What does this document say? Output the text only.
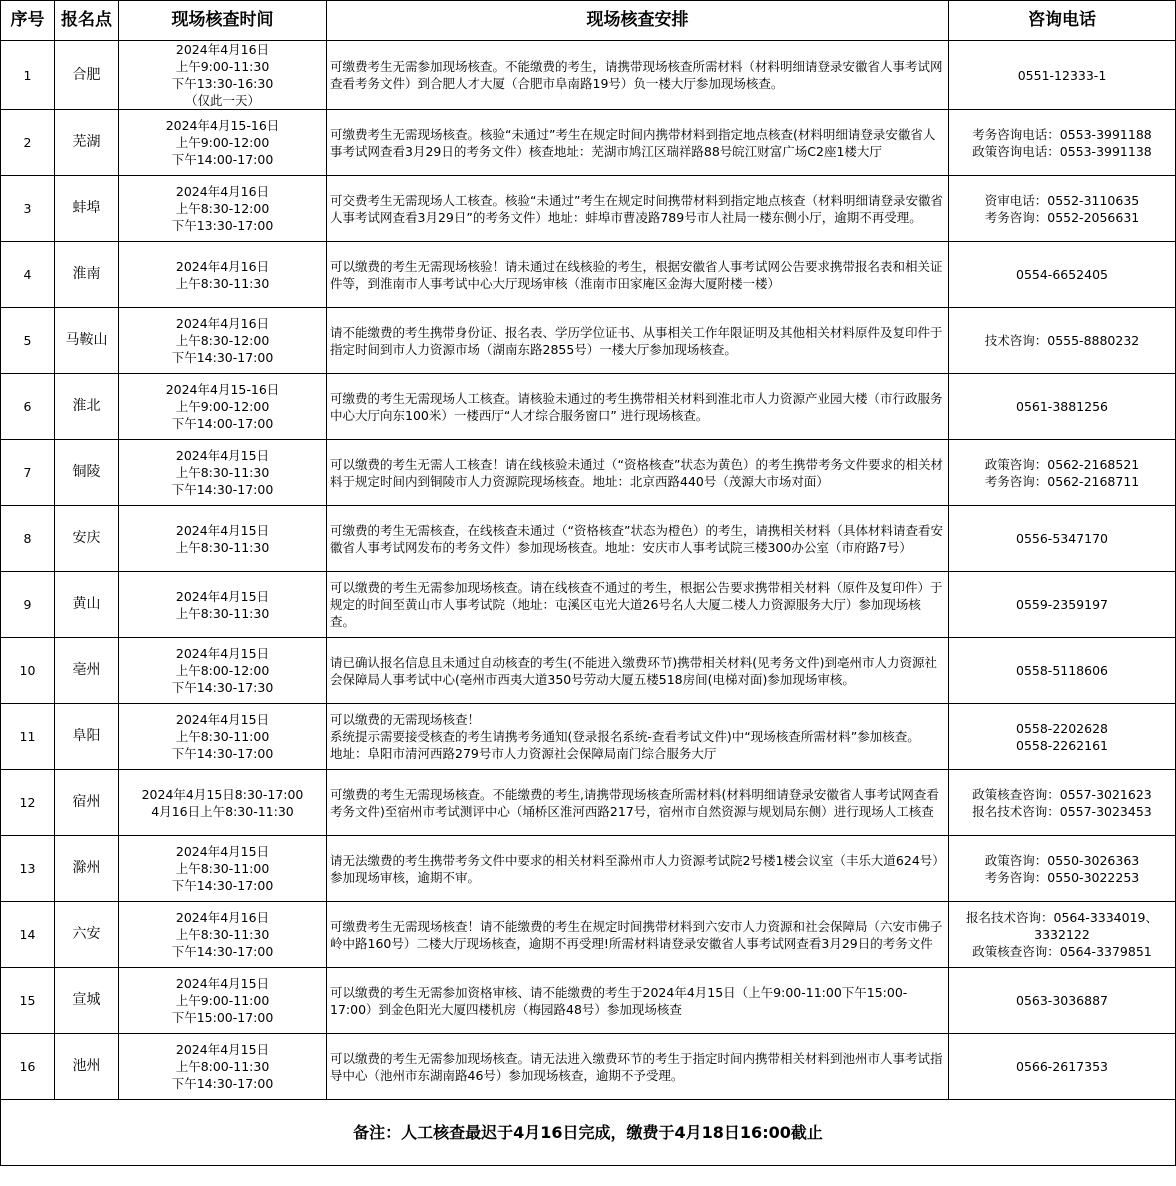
序号	报名点	现场核查时间	现场核查安排	咨询电话
1	合肥	2024年4月16日
上午9:00-11:30
下午13:30-16:30
（仅此一天）	可缴费考生无需参加现场核查。不能缴费的考生，请携带现场核查所需材料（材料明细请登录安徽省人事考试网查看考务文件）到合肥人才大厦（合肥市阜南路19号）负一楼大厅参加现场核查。	0551-12333-1

2	芜湖	2024年4月15-16日
上午9:00-12:00
下午14:00-17:00	可缴费考生无需现场核查。核验“未通过”考生在规定时间内携带材料到指定地点核查(材料明细请登录安徽省人事考试网查看3月29日的考务文件）核查地址：芜湖市鸠江区瑞祥路88号皖江财富广场C2座1楼大厅	考务咨询电话：0553-3991188
政策咨询电话：0553-3991138

3	蚌埠	2024年4月16日
上午8:30-12:00
下午13:30-17:00	可交费考生无需现场人工核查。核验“未通过”考生在规定时间携带材料到指定地点核查（材料明细请登录安徽省人事考试网查看3月29日”的考务文件）地址：蚌埠市曹凌路789号市人社局一楼东侧小厅，逾期不再受理。	资审电话：0552-3110635
考务咨询：0552-2056631

4	淮南	2024年4月16日
上午8:30-11:30	可以缴费的考生无需现场核验！请未通过在线核验的考生，根据安徽省人事考试网公告要求携带报名表和相关证件等，到淮南市人事考试中心大厅现场审核（淮南市田家庵区金海大厦附楼一楼）	0554-6652405

5	马鞍山	2024年4月16日
上午8:30-12:00
下午14:30-17:00	请不能缴费的考生携带身份证、报名表、学历学位证书、从事相关工作年限证明及其他相关材料原件及复印件于指定时间到市人力资源市场（湖南东路2855号）一楼大厅参加现场核查。	技术咨询：0555-8880232

6	淮北	2024年4月15-16日
上午9:00-12:00
下午14:00-17:00	可缴费的考生无需现场人工核查。请核验未通过的考生携带相关材料到淮北市人力资源产业园大楼（市行政服务中心大厅向东100米）一楼西厅“人才综合服务窗口” 进行现场核查。	0561-3881256

7	铜陵	2024年4月15日
上午8:30-11:30
下午14:30-17:00	可以缴费的考生无需人工核查！请在线核验未通过（“资格核查”状态为黄色）的考生携带考务文件要求的相关材料于规定时间内到铜陵市人力资源院现场核查。地址：北京西路440号（茂源大市场对面）	政策咨询：0562-2168521
考务咨询：0562-2168711

8	安庆	2024年4月15日
上午8:30-11:30	可缴费的考生无需核查，在线核查未通过（“资格核查”状态为橙色）的考生，请携相关材料（具体材料请查看安徽省人事考试网发布的考务文件）参加现场核查。地址：安庆市人事考试院三楼300办公室（市府路7号）	0556-5347170

9	黄山	2024年4月15日
上午8:30-11:30	可以缴费的考生无需参加现场核查。请在线核查不通过的考生，根据公告要求携带相关材料（原件及复印件）于规定的时间至黄山市人事考试院（地址：屯溪区屯光大道26号名人大厦二楼人力资源服务大厅）参加现场核查。	0559-2359197

10	亳州	2024年4月15日
上午8:00-12:00
下午14:30-17:30	请已确认报名信息且未通过自动核查的考生(不能进入缴费环节)携带相关材料(见考务文件)到亳州市人力资源社会保障局人事考试中心(亳州市西夷大道350号劳动大厦五楼518房间(电梯对面)参加现场审核。	0558-5118606

11	阜阳	2024年4月15日
上午8:30-11:00
下午14:30-17:00	可以缴费的无需现场核查！
系统提示需要接受核查的考生请携考务通知(登录报名系统-查看考试文件)中“现场核查所需材料”参加核查。
地址：阜阳市清河西路279号市人力资源社会保障局南门综合服务大厅	0558-2202628
0558-2262161

12	宿州	2024年4月15日8:30-17:00
4月16日上午8:30-11:30	可缴费的考生无需现场核查。不能缴费的考生,请携带现场核查所需材料(材料明细请登录安徽省人事考试网查看考务文件)至宿州市考试测评中心（埇桥区淮河西路217号，宿州市自然资源与规划局东侧）进行现场人工核查	政策核查咨询：0557-3021623
报名技术咨询：0557-3023453

13	滁州	2024年4月15日
上午8:30-11:00
下午14:30-17:00	请无法缴费的考生携带考务文件中要求的相关材料至滁州市人力资源考试院2号楼1楼会议室（丰乐大道624号）参加现场审核，逾期不审。	政策咨询：0550-3026363
考务咨询：0550-3022253

14	六安	2024年4月16日
上午8:30-11:30
下午14:30-17:00	可缴费考生无需现场核查！请不能缴费的考生在规定时间携带材料到六安市人力资源和社会保障局（六安市佛子岭中路160号）二楼大厅现场核查，逾期不再受理!所需材料请登录安徽省人事考试网查看3月29日的考务文件	报名技术咨询：0564-3334019、
3332122
政策核查咨询：0564-3379851

15	宣城	2024年4月15日
上午9:00-11:00
下午15:00-17:00	可以缴费的考生无需参加资格审核、请不能缴费的考生于2024年4月15日（上午9:00-11:00下午15:00-17:00）到金色阳光大厦四楼机房（梅园路48号）参加现场核查	0563-3036887

16	池州	2024年4月15日
上午8:00-11:30
下午14:30-17:00	可以缴费的考生无需参加现场核查。请无法进入缴费环节的考生于指定时间内携带相关材料到池州市人事考试指导中心（池州市东湖南路46号）参加现场核查，逾期不予受理。	0566-2617353

备注：人工核查最迟于4月16日完成，缴费于4月18日16:00截止				
